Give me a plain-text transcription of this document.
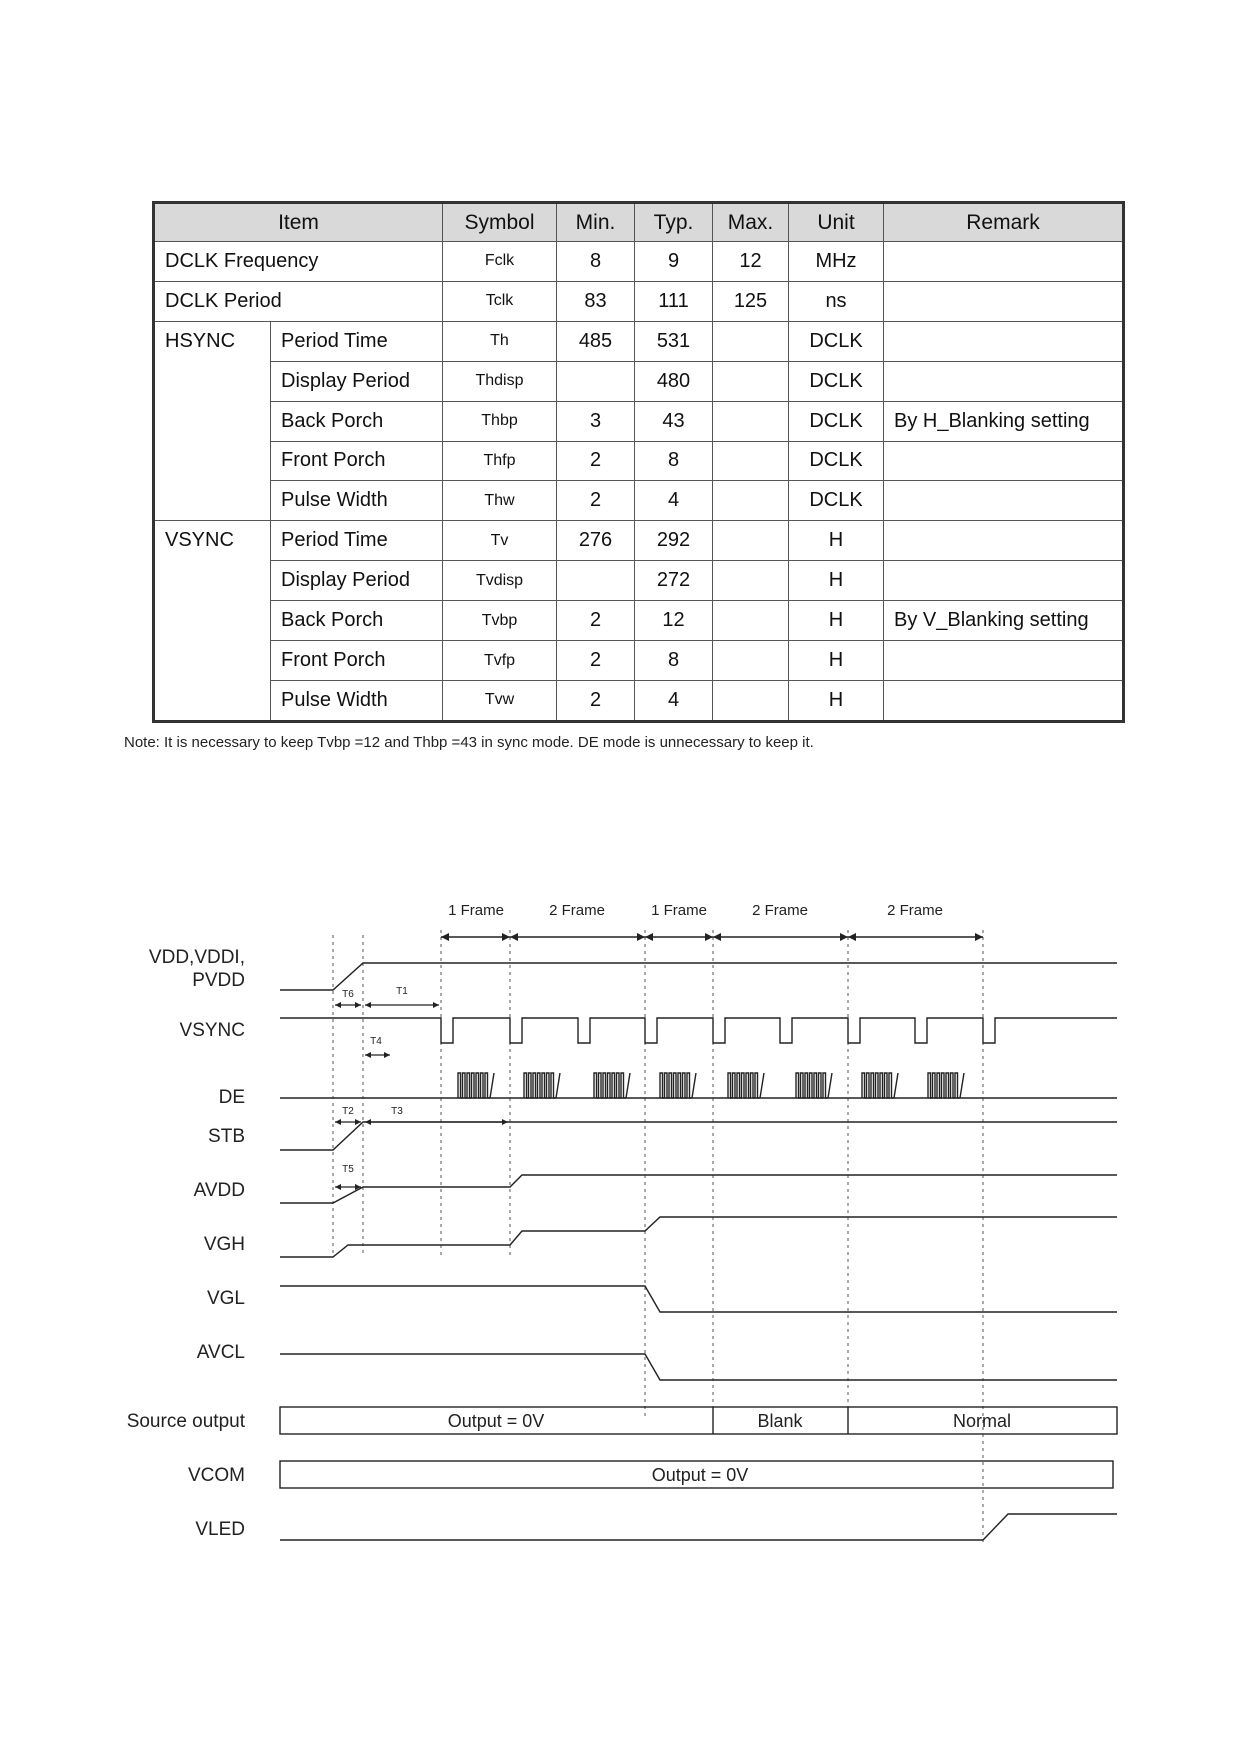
Item		Symbol	Min.	Typ.	Max.	Unit	Remark
DCLK Frequency		Fclk	8	9	12	MHz	
DCLK Period		Tclk	83	111	125	ns	
HSYNC	Period Time	Th	485	531		DCLK	
	Display Period	Thdisp		480		DCLK	
	Back Porch	Thbp	3	43		DCLK	By H_Blanking setting
	Front Porch	Thfp	2	8		DCLK	
	Pulse Width	Thw	2	4		DCLK	
VSYNC	Period Time	Tv	276	292		H	
	Display Period	Tvdisp		272		H	
	Back Porch	Tvbp	2	12		H	By V_Blanking setting
	Front Porch	Tvfp	2	8		H	
	Pulse Width	Tvw	2	4		H	
Note: It is necessary to keep Tvbp =12 and Thbp =43 in sync mode. DE mode is unnecessary to keep it.
1 Frame	2 Frame	1 Frame	2 Frame	2 Frame
VDD,VDDI,
PVDD
VSYNC
DE
STB
AVDD
VGH
VGL
AVCL
Source output
VCOM
VLED
T6	T1
T4
T2	T3
T5
Output = 0V	Blank	Normal
Output = 0V
